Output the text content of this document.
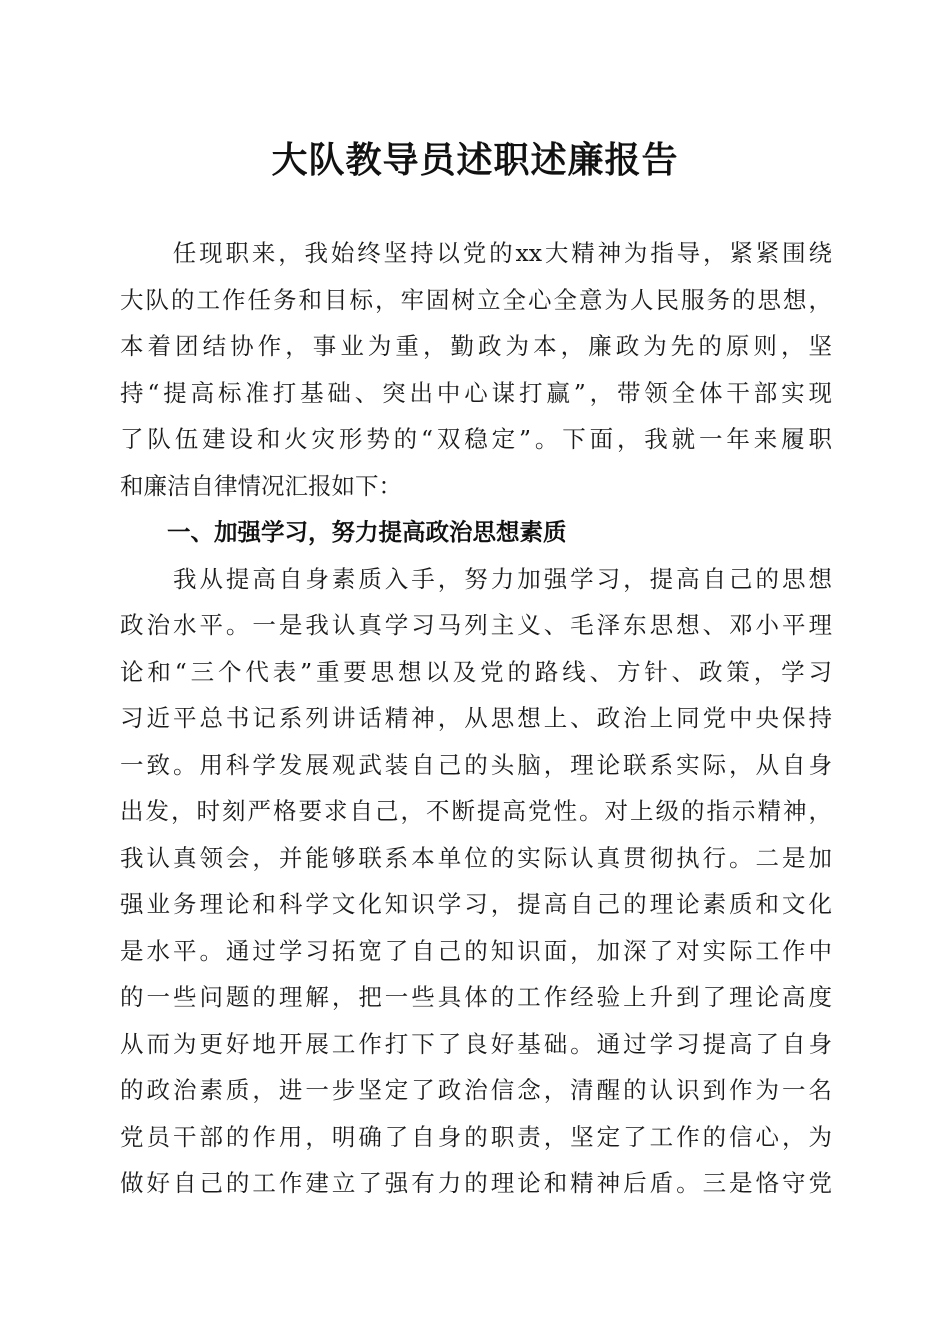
大队教导员述职述廉报告
　　任现职来，我始终坚持以党的xx大精神为指导，紧紧围绕
大队的工作任务和目标，牢固树立全心全意为人民服务的思想，
本着团结协作，事业为重，勤政为本，廉政为先的原则，坚
持“提高标准打基础、突出中心谋打赢”，带领全体干部实现
了队伍建设和火灾形势的“双稳定”。下面，我就一年来履职
和廉洁自律情况汇报如下：
　　一、加强学习，努力提高政治思想素质
　　我从提高自身素质入手，努力加强学习，提高自己的思想
政治水平。一是我认真学习马列主义、毛泽东思想、邓小平理
论和“三个代表”重要思想以及党的路线、方针、政策，学习
习近平总书记系列讲话精神，从思想上、政治上同党中央保持
一致。用科学发展观武装自己的头脑，理论联系实际，从自身
出发，时刻严格要求自己，不断提高党性。对上级的指示精神，
我认真领会，并能够联系本单位的实际认真贯彻执行。二是加
强业务理论和科学文化知识学习，提高自己的理论素质和文化
是水平。通过学习拓宽了自己的知识面，加深了对实际工作中
的一些问题的理解，把一些具体的工作经验上升到了理论高度
从而为更好地开展工作打下了良好基础。通过学习提高了自身
的政治素质，进一步坚定了政治信念，清醒的认识到作为一名
党员干部的作用，明确了自身的职责，坚定了工作的信心，为
做好自己的工作建立了强有力的理论和精神后盾。三是恪守党
